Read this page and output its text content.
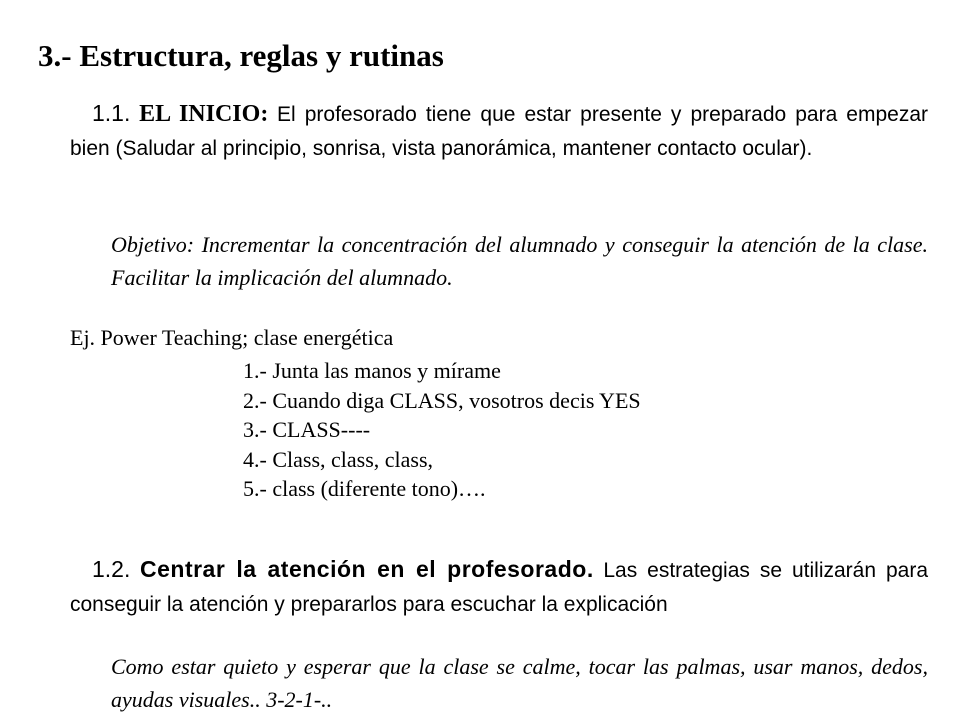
3.- Estructura, reglas y rutinas
1.1. EL INICIO: El profesorado tiene que estar presente y preparado para empezar bien (Saludar al principio, sonrisa, vista panorámica, mantener contacto ocular).
Objetivo: Incrementar la concentración del alumnado y conseguir la atención de la clase. Facilitar la implicación del alumnado.
Ej. Power Teaching; clase energética
1.- Junta las manos y mírame
2.- Cuando diga CLASS, vosotros decis YES
3.- CLASS----
4.- Class, class, class,
5.- class (diferente tono)….
1.2. Centrar la atención en el profesorado. Las estrategias se utilizarán para conseguir la atención y prepararlos para escuchar la explicación
Como estar quieto y esperar que la clase se calme, tocar las palmas, usar manos, dedos, ayudas visuales.. 3-2-1-..
